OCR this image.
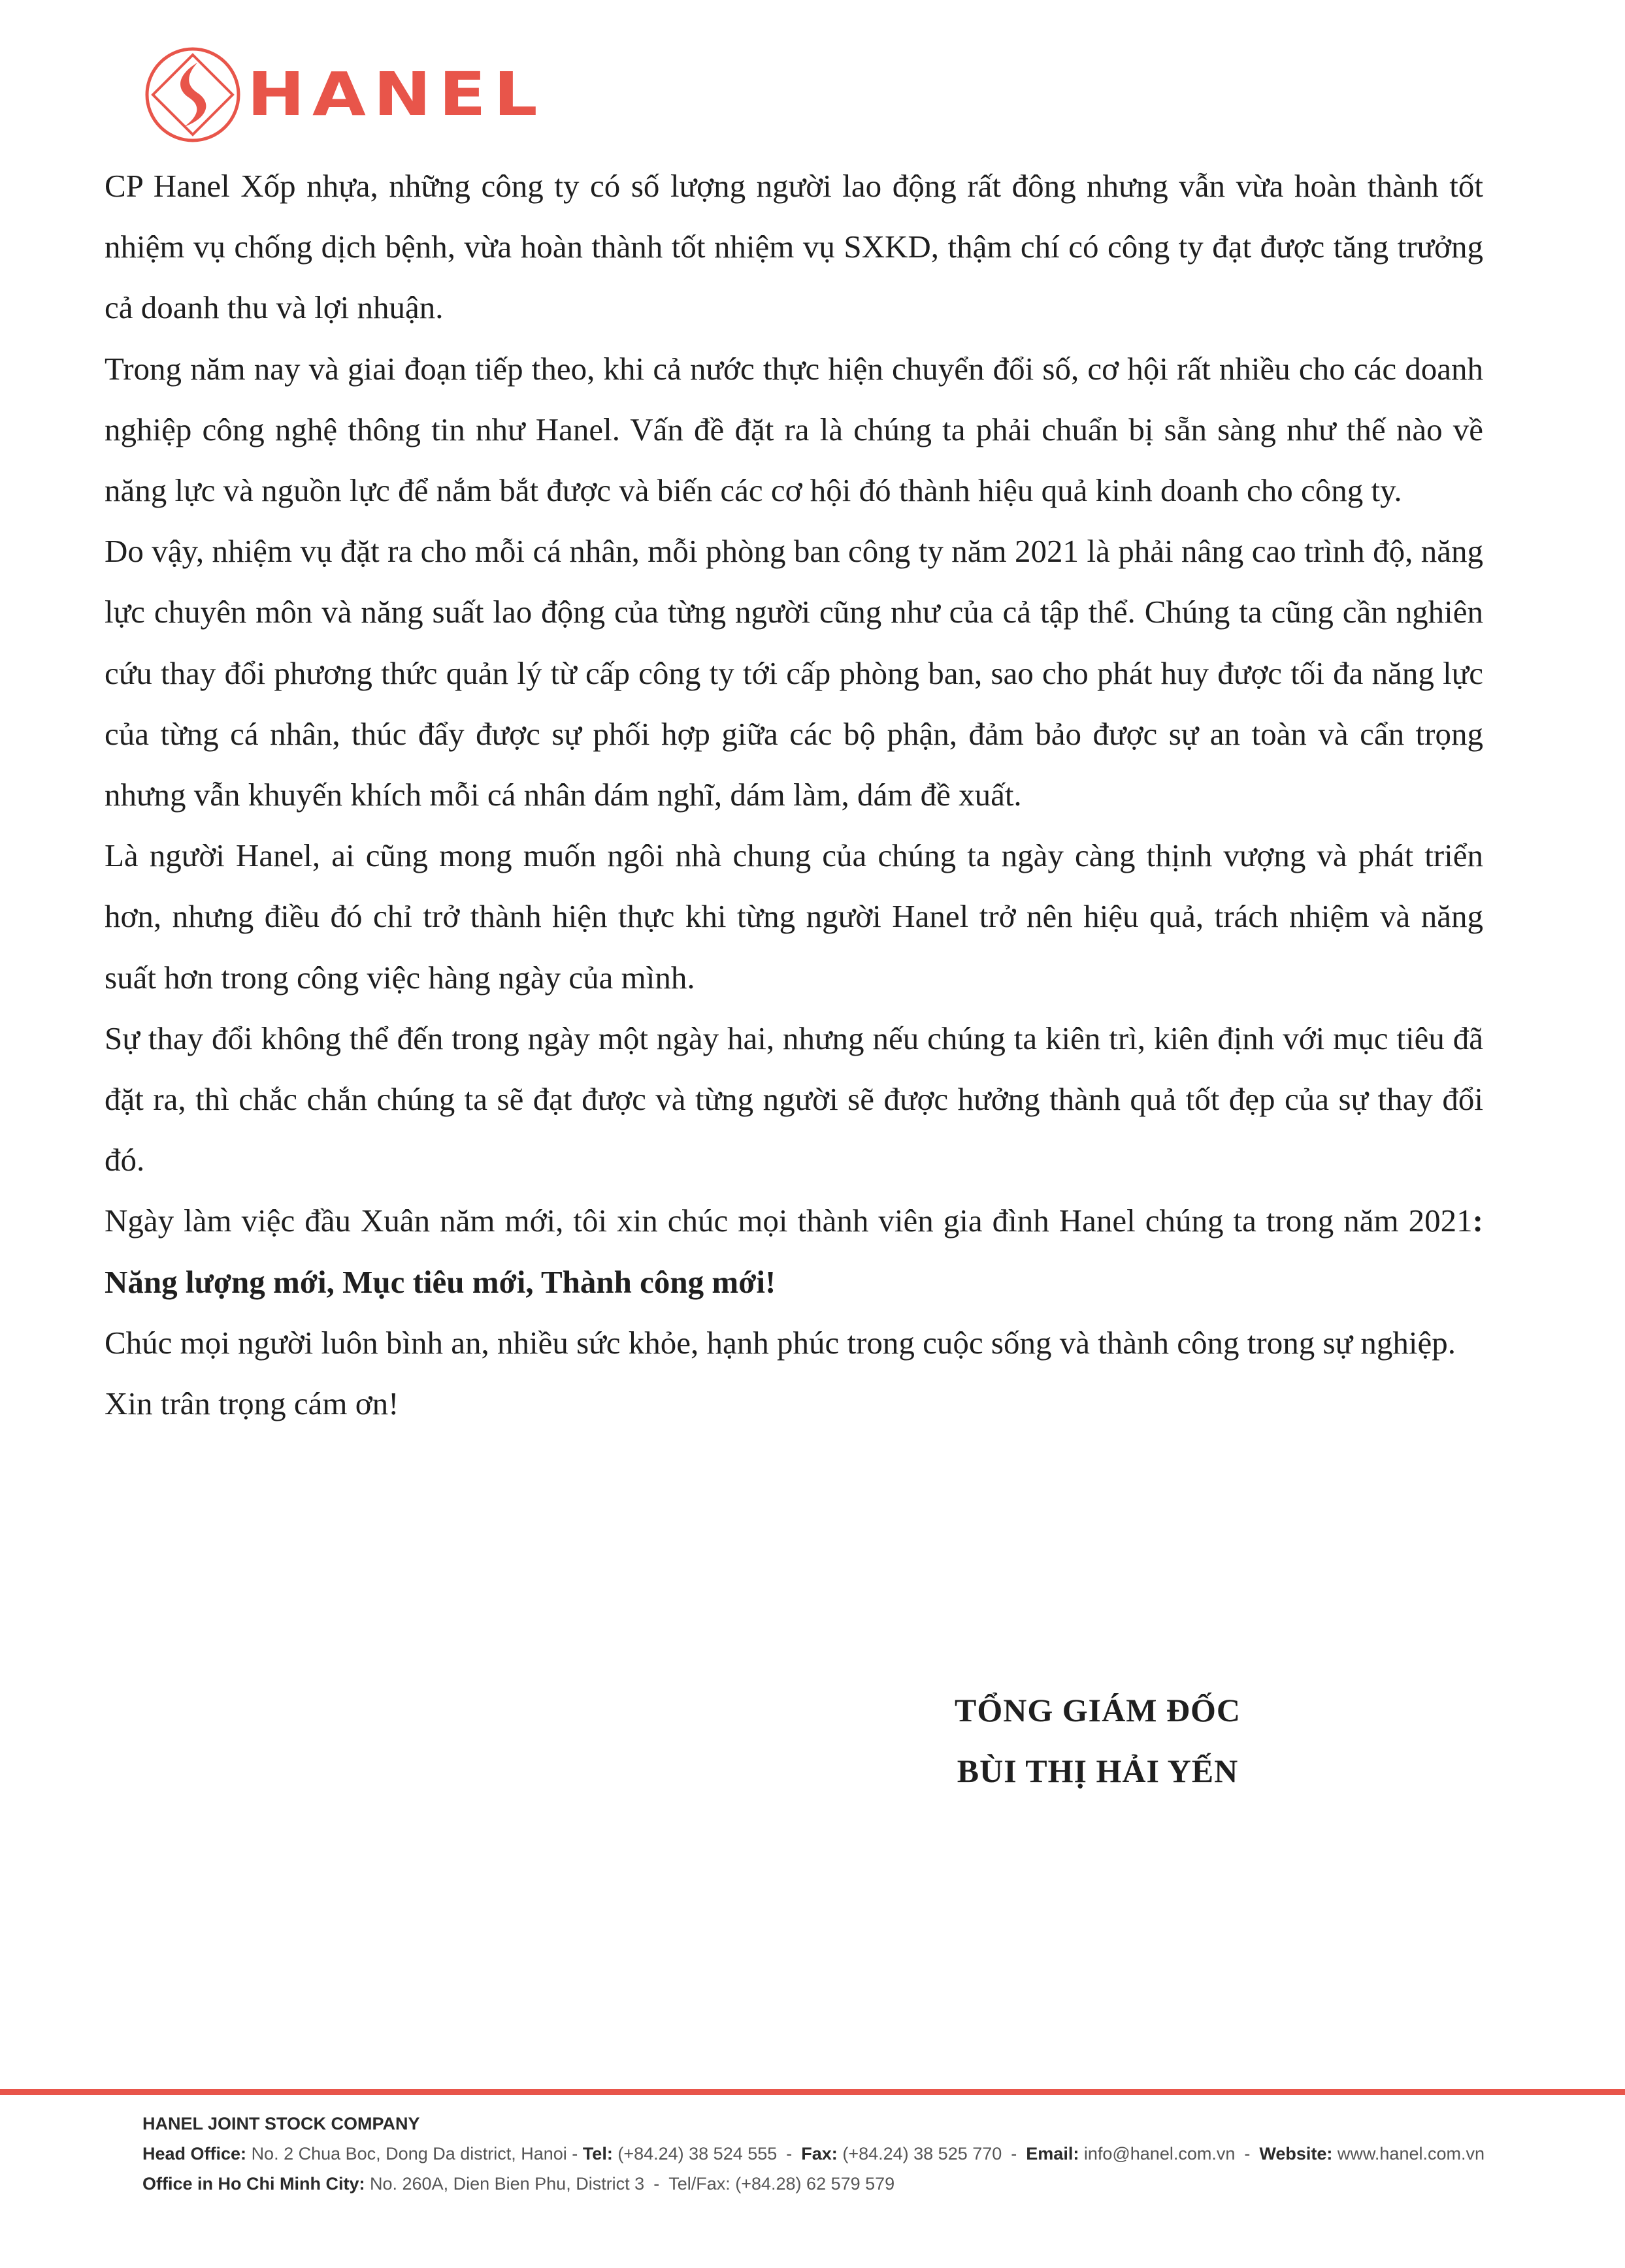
HANEL

CP Hanel Xốp nhựa, những công ty có số lượng người lao động rất đông nhưng vẫn vừa hoàn thành tốt nhiệm vụ chống dịch bệnh, vừa hoàn thành tốt nhiệm vụ SXKD, thậm chí có công ty đạt được tăng trưởng cả doanh thu và lợi nhuận.

Trong năm nay và giai đoạn tiếp theo, khi cả nước thực hiện chuyển đổi số, cơ hội rất nhiều cho các doanh nghiệp công nghệ thông tin như Hanel. Vấn đề đặt ra là chúng ta phải chuẩn bị sẵn sàng như thế nào về năng lực và nguồn lực để nắm bắt được và biến các cơ hội đó thành hiệu quả kinh doanh cho công ty.

Do vậy, nhiệm vụ đặt ra cho mỗi cá nhân, mỗi phòng ban công ty năm 2021 là phải nâng cao trình độ, năng lực chuyên môn và năng suất lao động của từng người cũng như của cả tập thể. Chúng ta cũng cần nghiên cứu thay đổi phương thức quản lý từ cấp công ty tới cấp phòng ban, sao cho phát huy được tối đa năng lực của từng cá nhân, thúc đẩy được sự phối hợp giữa các bộ phận, đảm bảo được sự an toàn và cẩn trọng nhưng vẫn khuyến khích mỗi cá nhân dám nghĩ, dám làm, dám đề xuất.

Là người Hanel, ai cũng mong muốn ngôi nhà chung của chúng ta ngày càng thịnh vượng và phát triển hơn, nhưng điều đó chỉ trở thành hiện thực khi từng người Hanel trở nên hiệu quả, trách nhiệm và năng suất hơn trong công việc hàng ngày của mình.

Sự thay đổi không thể đến trong ngày một ngày hai, nhưng nếu chúng ta kiên trì, kiên định với mục tiêu đã đặt ra, thì chắc chắn chúng ta sẽ đạt được và từng người sẽ được hưởng thành quả tốt đẹp của sự thay đổi đó.

Ngày làm việc đầu Xuân năm mới, tôi xin chúc mọi thành viên gia đình Hanel chúng ta trong năm 2021: Năng lượng mới, Mục tiêu mới, Thành công mới!

Chúc mọi người luôn bình an, nhiều sức khỏe, hạnh phúc trong cuộc sống và thành công trong sự nghiệp.

Xin trân trọng cám ơn!

TỔNG GIÁM ĐỐC
BÙI THỊ HẢI YẾN
HANEL JOINT STOCK COMPANY
Head Office: No. 2 Chua Boc, Dong Da district, Hanoi - Tel: (+84.24) 38 524 555 - Fax: (+84.24) 38 525 770 - Email: info@hanel.com.vn - Website: www.hanel.com.vn
Office in Ho Chi Minh City: No. 260A, Dien Bien Phu, District 3 - Tel/Fax: (+84.28) 62 579 579
